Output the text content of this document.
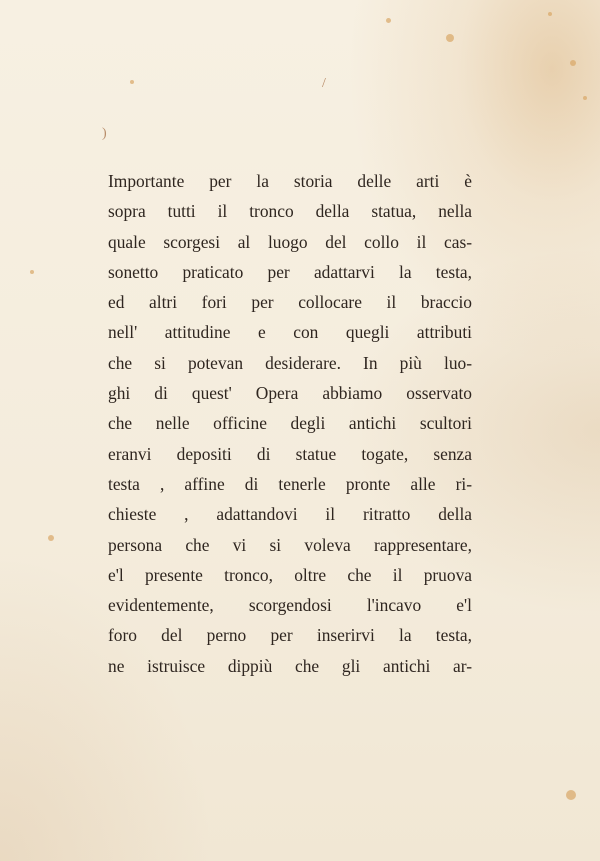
/
)
Importante per la storia delle arti è
sopra tutti il tronco della statua, nella
quale scorgesi al luogo del collo il cas-
sonetto praticato per adattarvi la testa,
ed altri fori per collocare il braccio
nell' attitudine e con quegli attributi
che si potevan desiderare. In più luo-
ghi di quest' Opera abbiamo osservato
che nelle officine degli antichi scultori
eranvi depositi di statue togate, senza
testa , affine di tenerle pronte alle ri-
chieste , adattandovi il ritratto della
persona che vi si voleva rappresentare,
e'l presente tronco, oltre che il pruova
evidentemente, scorgendosi l'incavo e'l
foro del perno per inserirvi la testa,
ne istruisce dippiù che gli antichi ar-
